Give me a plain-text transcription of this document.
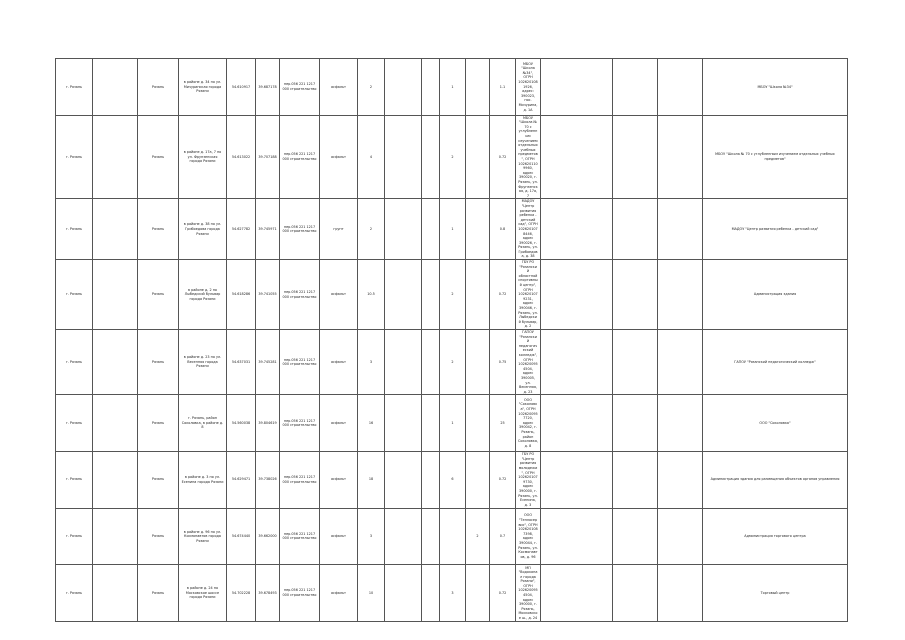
г. Рязань		Рязань	в районе д. 34 по ул. Мичуринская города Рязани	54.610917	39.687178	пер.056 221 1217 000 строительство	асфальт	2			1		1.1	МБОУ "Школа №34", ОГРН 1026201081926, адрес: 390023, пос. Мичурина, д. 1А				МБОУ "Школа №34"
г. Рязань		Рязань	в районе д. 17а, 7 по ул. Фрунзенская города Рязани	54.613022	39.707188	пер.056 221 1217 000 строительство	асфальт	4			2		0.72	МБОУ "Школа № 70 с углубленным изучением отдельных учебных предметов", ОГРН 1026201109960, адрес 390020, г. Рязань, ул. Фрунзенская, д. 17а, 7				МБОУ "Школа № 70 с углубленным изучением отдельных учебных предметов"
г. Рязань		Рязань	в районе д. 38 по ул. Грибоедова города Рязани	54.627782	39.745971	пер.056 221 1217 000 строительство	грунт	2			1		0.8	МАДОУ "Центр развития ребенка - детский сад", ОГРН 1026201078446, адрес 390026, г. Рязань, ул. Грибоедова, д. 38				МАДОУ "Центр развития ребенка - детский сад"
г. Рязань		Рязань	в районе д. 2 по Лыбедский бульвар города Рязани	54.618286	39.741055	пер.056 221 1217 000 строительство	асфальт	10.5			2		0.72	ГБУ РО "Рязанский областной спортивный центр", ОГРН 1026201079231, адрес 390046, г. Рязань, ул. Лыбедский бульвар, д. 2				Администрация здания
г. Рязань		Рязань	в районе д. 23 по ул. Весенняя города Рязани	54.637031	39.745281	пер.056 221 1217 000 строительство	асфальт	3			2		0.75	ГАПОУ "Рязанский педагогический колледж", ОГРН 1026200954504, адрес 390005, ул. Весенняя, д. 23				ГАПОУ "Рязанский педагогический колледж"
г. Рязань		Рязань	г. Рязань, район Соколовка, в районе д. 8	54.560038	39.804619	пер.056 221 1217 000 строительство	асфальт	16			1		25	ООО "Соколовка", ОГРН 1026200957720, адрес 390042, г. Рязань, район Соколовка, д. 8				ООО "Соколовка"
г. Рязань		Рязань	в районе д. 3 по ул. Есенина города Рязани	54.629471	39.738026	пер.056 221 1217 000 строительство	асфальт	18			6		0.72	ГБУ РО "Центр развития молодежи", ОГРН 1026201079730, адрес 390000, г. Рязань, ул. Есенина, д. 3				Администрация здания для размещения объектов органов управления
г. Рязань		Рязань	в районе д. 96 по ул. Космонавтов города Рязани	54.674440	39.662000	пер.056 221 1217 000 строительство	асфальт	3				2	0.7	ООО "Теплосервис", ОГРН 1026201087398, адрес 390044, г. Рязань, ул. Космонавтов, д. 96				Администрация торгового центра
г. Рязань		Рязань	в районе д. 24 по Московское шоссе города Рязани	54.702228	39.678493	пер.056 221 1217 000 строительство	асфальт	10			3		0.72	МП "Водоканал города Рязани", ОГРН 1026200954504, адрес 390000, г. Рязань, Московское ш., д. 24				Торговый центр
